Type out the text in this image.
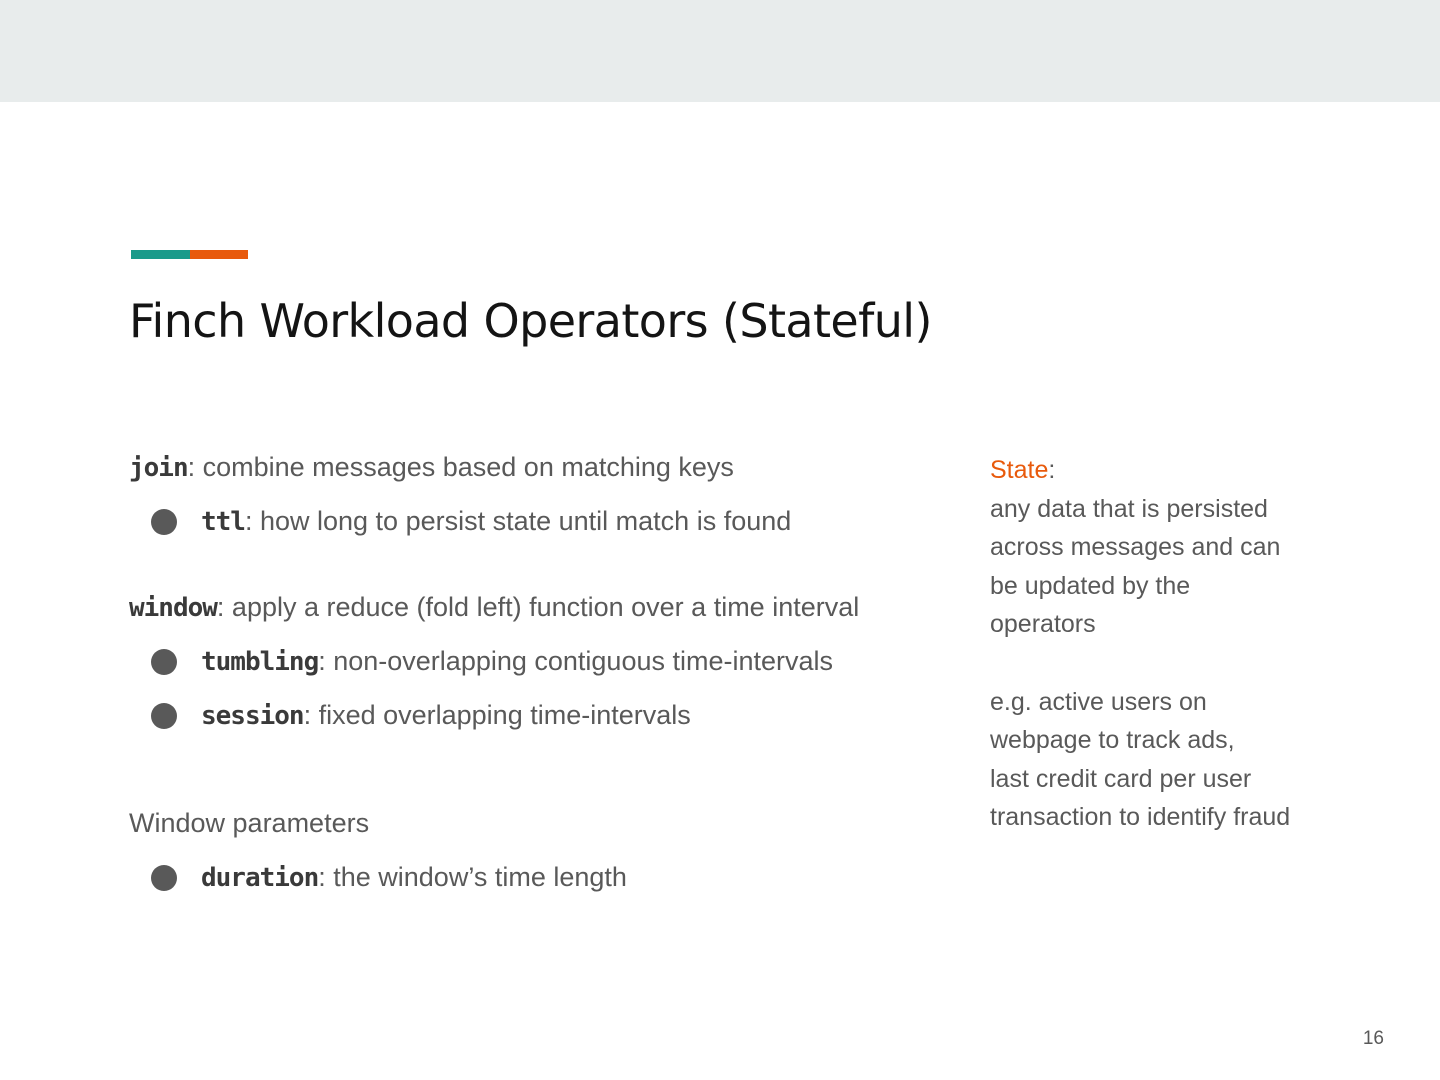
Finch Workload Operators (Stateful)
join: combine messages based on matching keys
ttl : how long to persist state until match is found
window: apply a reduce (fold left) function over a time interval
tumbling : non-overlapping contiguous time-intervals
session : fixed overlapping time-intervals
Window parameters
duration : the window’s time length

State:

any data that is persisted

across messages and can

be updated by the

operators

e.g. active users on

webpage to track ads,

last credit card per user

transaction to identify fraud

16
